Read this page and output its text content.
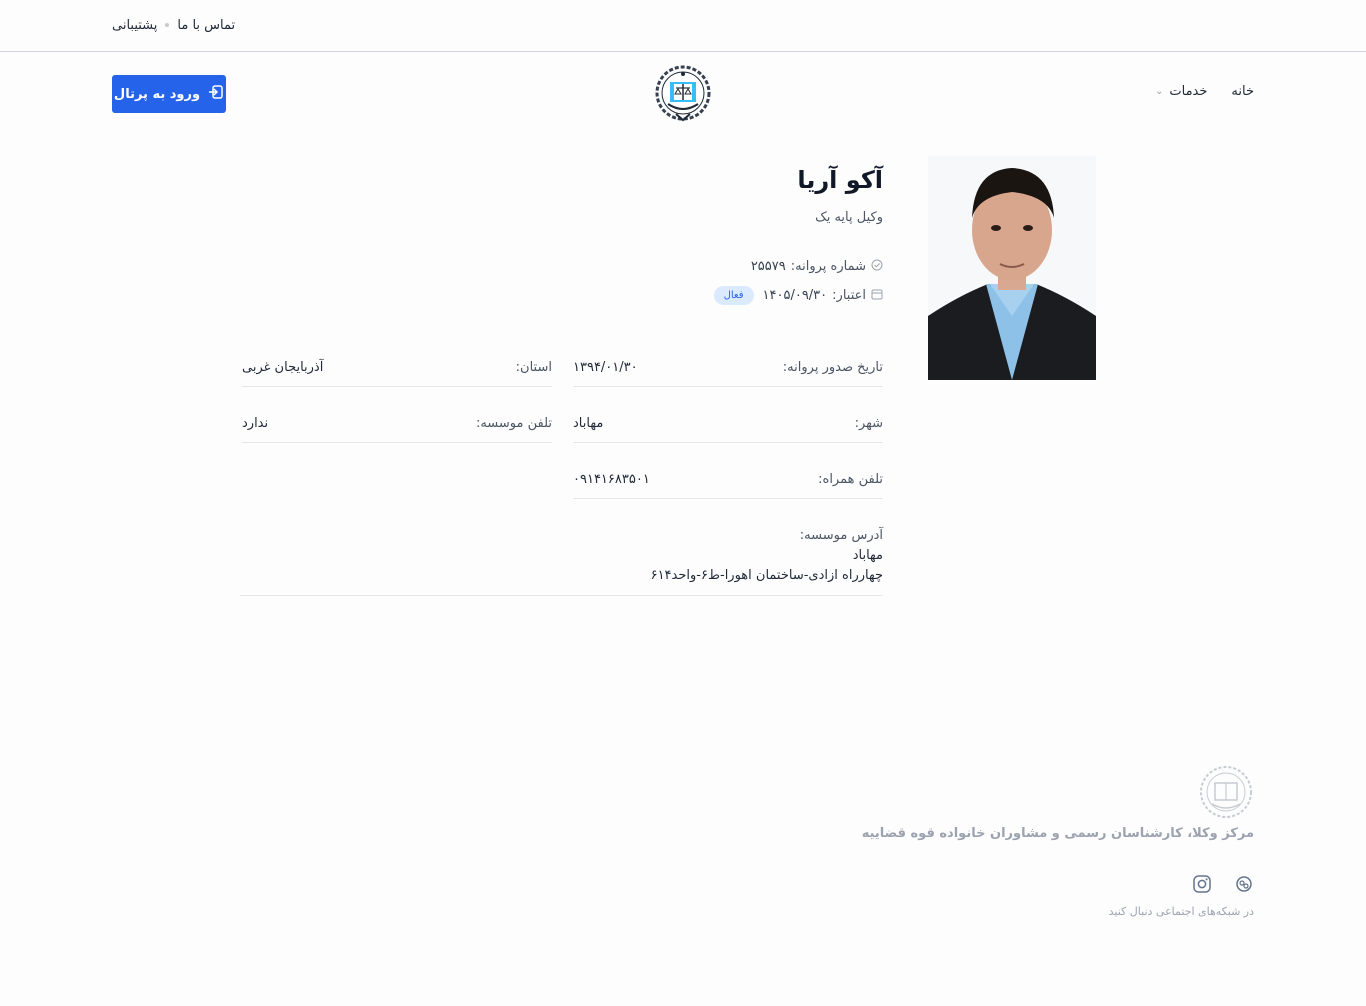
تماس با ما
پشتیبانی
خانه
خدمات
⌄
ورود به پرتال
آکو آریا
وکیل پایه یک
شماره پروانه:
۲۵۵۷۹
اعتبار:
۱۴۰۵/۰۹/۳۰
فعال
تاریخ صدور پروانه:
۱۳۹۴/۰۱/۳۰
استان:
آذربایجان غربی
شهر:
مهاباد
تلفن موسسه:
ندارد
تلفن همراه:
۰۹۱۴۱۶۸۳۵۰۱
آدرس موسسه:
مهاباد
چهارراه ازادی-ساختمان اهورا-ط۶-واحد۶۱۴
مرکز وکلا، کارشناسان رسمی و مشاوران خانواده قوه قضاییه
در شبکه‌های اجتماعی دنبال کنید
